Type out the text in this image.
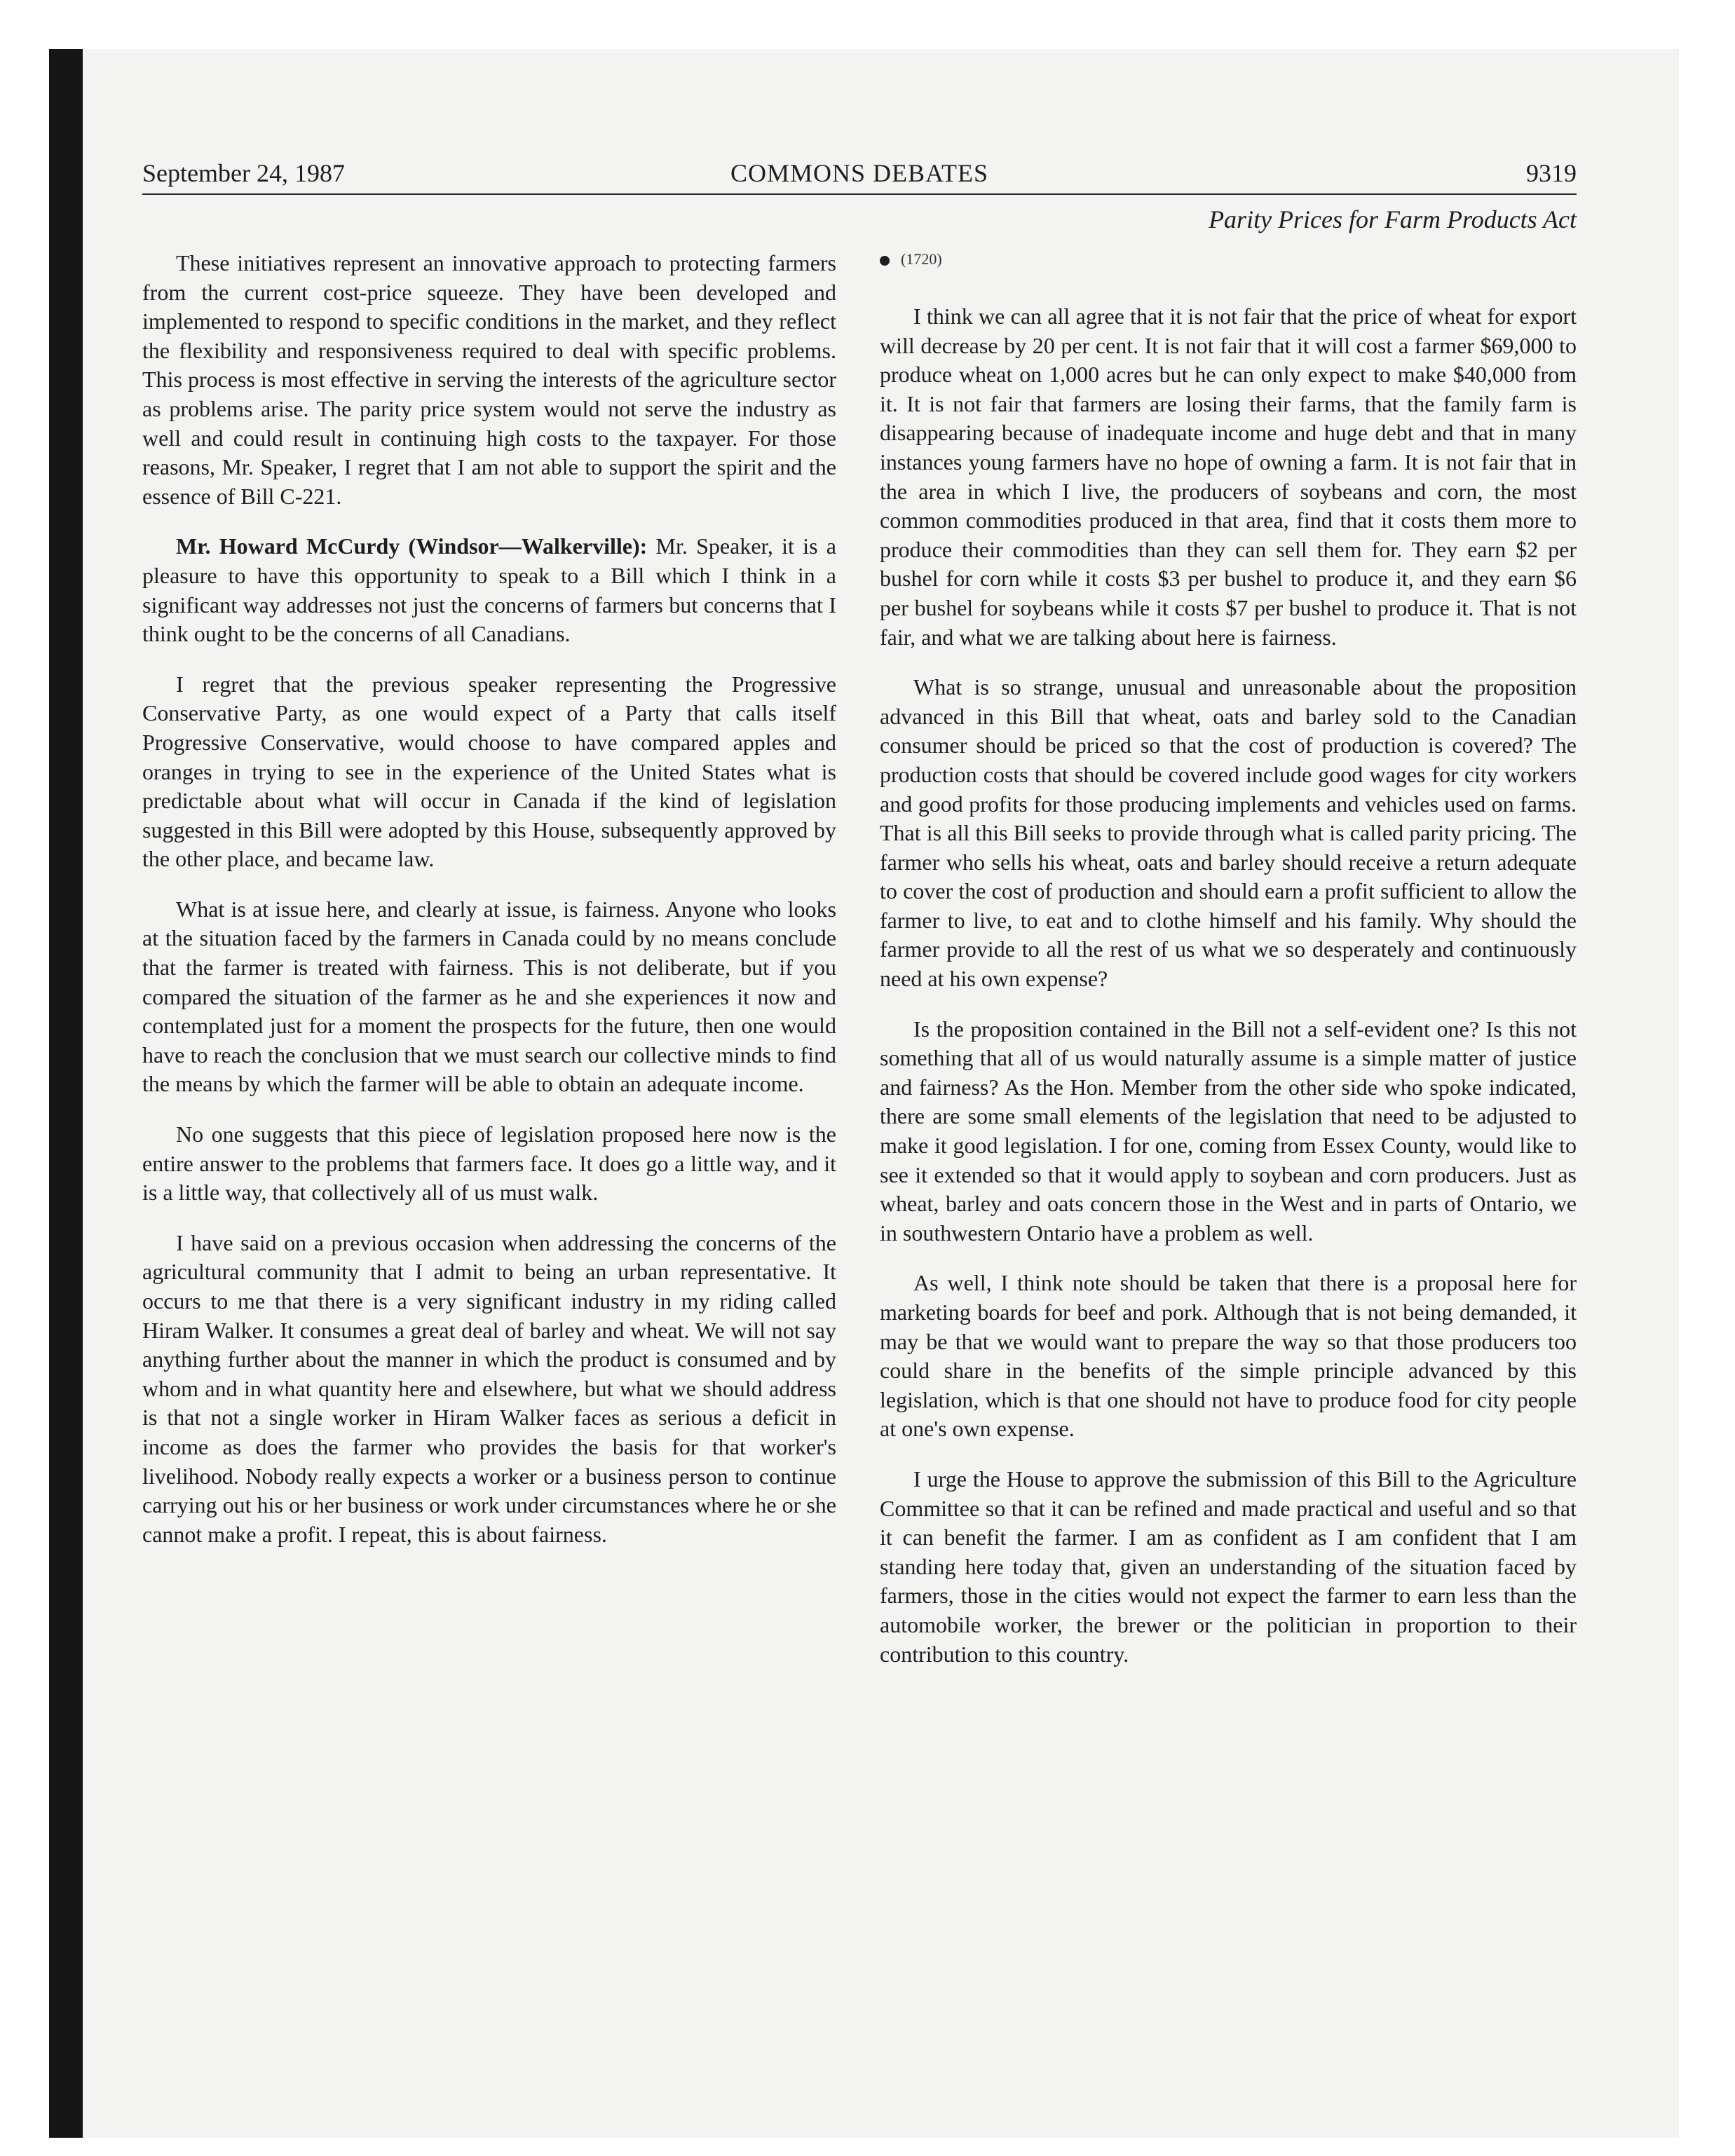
September 24, 1987	COMMONS DEBATES	9319
Parity Prices for Farm Products Act

These initiatives represent an innovative approach to protecting farmers from the current cost-price squeeze. They have been developed and implemented to respond to specific conditions in the market, and they reflect the flexibility and responsiveness required to deal with specific problems. This process is most effective in serving the interests of the agriculture sector as problems arise. The parity price system would not serve the industry as well and could result in continuing high costs to the taxpayer. For those reasons, Mr. Speaker, I regret that I am not able to support the spirit and the essence of Bill C-221.

Mr. Howard McCurdy (Windsor—Walkerville): Mr. Speaker, it is a pleasure to have this opportunity to speak to a Bill which I think in a significant way addresses not just the concerns of farmers but concerns that I think ought to be the concerns of all Canadians.

I regret that the previous speaker representing the Progressive Conservative Party, as one would expect of a Party that calls itself Progressive Conservative, would choose to have compared apples and oranges in trying to see in the experience of the United States what is predictable about what will occur in Canada if the kind of legislation suggested in this Bill were adopted by this House, subsequently approved by the other place, and became law.

What is at issue here, and clearly at issue, is fairness. Anyone who looks at the situation faced by the farmers in Canada could by no means conclude that the farmer is treated with fairness. This is not deliberate, but if you compared the situation of the farmer as he and she experiences it now and contemplated just for a moment the prospects for the future, then one would have to reach the conclusion that we must search our collective minds to find the means by which the farmer will be able to obtain an adequate income.

No one suggests that this piece of legislation proposed here now is the entire answer to the problems that farmers face. It does go a little way, and it is a little way, that collectively all of us must walk.

I have said on a previous occasion when addressing the concerns of the agricultural community that I admit to being an urban representative. It occurs to me that there is a very significant industry in my riding called Hiram Walker. It consumes a great deal of barley and wheat. We will not say anything further about the manner in which the product is consumed and by whom and in what quantity here and elsewhere, but what we should address is that not a single worker in Hiram Walker faces as serious a deficit in income as does the farmer who provides the basis for that worker's livelihood. Nobody really expects a worker or a business person to continue carrying out his or her business or work under circumstances where he or she cannot make a profit. I repeat, this is about fairness.

(1720)

I think we can all agree that it is not fair that the price of wheat for export will decrease by 20 per cent. It is not fair that it will cost a farmer $69,000 to produce wheat on 1,000 acres but he can only expect to make $40,000 from it. It is not fair that farmers are losing their farms, that the family farm is disappearing because of inadequate income and huge debt and that in many instances young farmers have no hope of owning a farm. It is not fair that in the area in which I live, the producers of soybeans and corn, the most common commodities produced in that area, find that it costs them more to produce their commodities than they can sell them for. They earn $2 per bushel for corn while it costs $3 per bushel to produce it, and they earn $6 per bushel for soybeans while it costs $7 per bushel to produce it. That is not fair, and what we are talking about here is fairness.

What is so strange, unusual and unreasonable about the proposition advanced in this Bill that wheat, oats and barley sold to the Canadian consumer should be priced so that the cost of production is covered? The production costs that should be covered include good wages for city workers and good profits for those producing implements and vehicles used on farms. That is all this Bill seeks to provide through what is called parity pricing. The farmer who sells his wheat, oats and barley should receive a return adequate to cover the cost of production and should earn a profit sufficient to allow the farmer to live, to eat and to clothe himself and his family. Why should the farmer provide to all the rest of us what we so desperately and continuously need at his own expense?

Is the proposition contained in the Bill not a self-evident one? Is this not something that all of us would naturally assume is a simple matter of justice and fairness? As the Hon. Member from the other side who spoke indicated, there are some small elements of the legislation that need to be adjusted to make it good legislation. I for one, coming from Essex County, would like to see it extended so that it would apply to soybean and corn producers. Just as wheat, barley and oats concern those in the West and in parts of Ontario, we in southwestern Ontario have a problem as well.

As well, I think note should be taken that there is a proposal here for marketing boards for beef and pork. Although that is not being demanded, it may be that we would want to prepare the way so that those producers too could share in the benefits of the simple principle advanced by this legislation, which is that one should not have to produce food for city people at one's own expense.

I urge the House to approve the submission of this Bill to the Agriculture Committee so that it can be refined and made practical and useful and so that it can benefit the farmer. I am as confident as I am confident that I am standing here today that, given an understanding of the situation faced by farmers, those in the cities would not expect the farmer to earn less than the automobile worker, the brewer or the politician in proportion to their contribution to this country.
